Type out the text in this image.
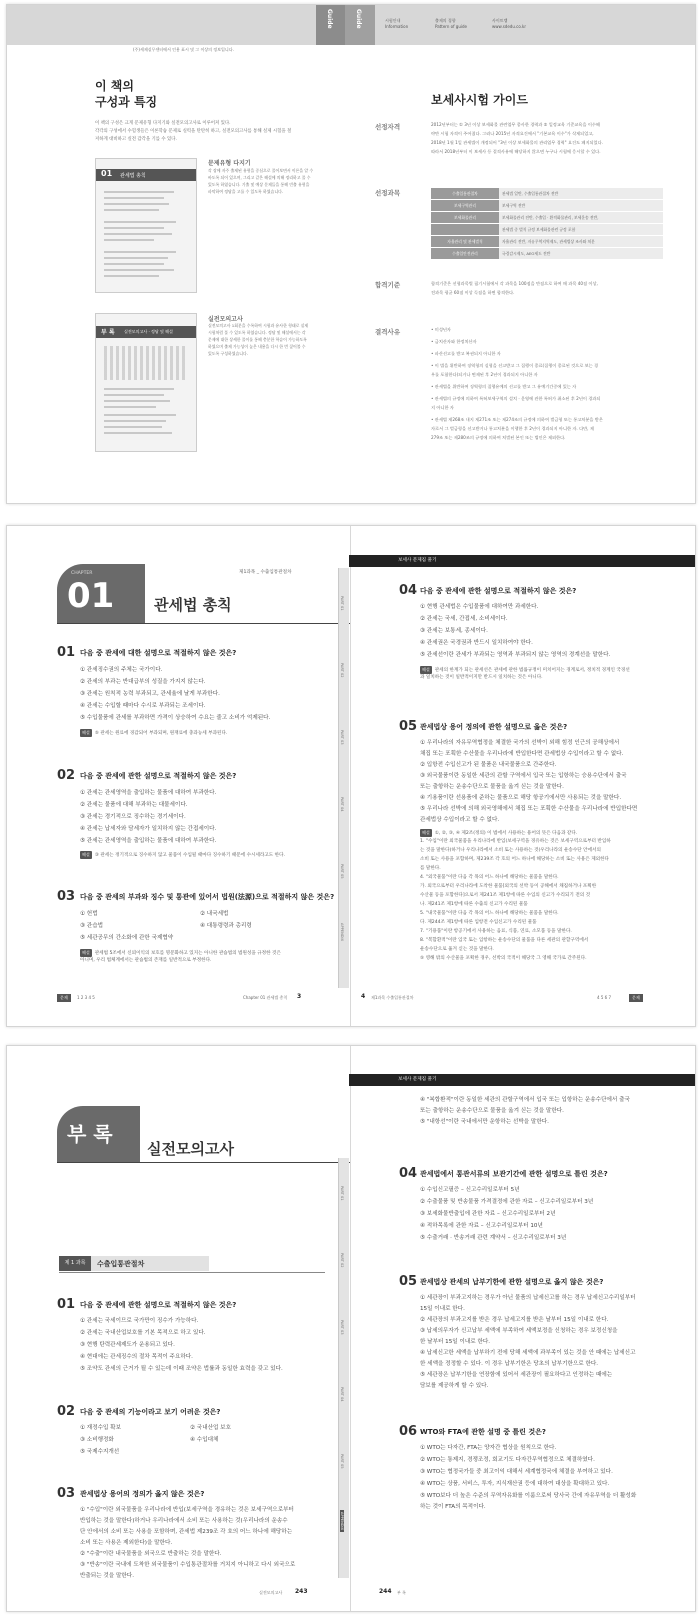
(주)세제실무센터에서 인용 표시 및 그 이상의 정보입니다.
Guide	Guide	시험안내
Information
출제의 경향
Pattern of guide
사이트맵
www.sdedu.co.kr
이 책의
구성과 특징
이 책의 구성은 크게 문제유형 다지기와 실전모의고사로 이루어져 있다.
각각의 구성에서 수험생들은 이론학습 문제로 실력을 탄탄히 하고, 실전모의고사를 통해 실제 시험을 철
저하게 대비하고 실전 감각을 기를 수 있다.
01 관세법 총칙
문제유형 다지기
각 장에 자주 출제된 유형을 중심으로 풀어보면서 이론을 알 수
바도록 되어 있으며, 그리고 같은 해설에 의해 정리하고 풀 수
있도록 하였습니다. 기출 및 예상 문제들을 통해 빈출 유형을
파악하여 정답을 고를 수 있도록 하였습니다.
부 록 실전모의고사 · 정답 및 해설
실전모의고사
실전모의고사 1회분을 수록하여 시험과 유사한 형태로 실제
시험처럼 풀 수 있도록 하였습니다. 정답 및 해설에서는 각
문제에 대한 상세한 풀이를 통해 충분한 학습이 가능하도록
하였으며 출제 가능성이 높은 내용을 다시 한 번 짚어볼 수
있도록 구성하였습니다.
보세사시험 가이드
선정자격	2012년부터는 ① 3년 이상 보세화물 관련업무 종사한 경력과 ② 일정교육 기준교육을 이수해
야만 시험 자격이 주어졌다. 그러나 2015년 자격요건에서 "기본교육 이수"가 삭제되었고,
2018년 1월 1일 관세법이 개정되어 "3년 이상 보세화물의 관리업무 경력" 요건도 폐지되었다.
따라서 2018년부터 이 보세사 등 결격사유에 해당하지 않으면 누구나 시험에 응시할 수 있다.
선정과목	수출입통관절차	관세법 일반, 수출입통관절차 전반
보세구역관리	보세구역 전반
보세화물관리	보세화물관리 전반, 수출입 · 환적화물관리, 보세운송 전반,
	관세법 중 벌칙 규정 보세화물관련 규정 포함
자율관리 및 관세벌칙	자율관리 전반, 자유무역지역제도, 관세법상 조사와 처분
수출입안전관리	국경감시제도, AEO제도 전반
합격기준	합격기준은 선형과목별 필기시험에서 각 과목을 100점을 만점으로 하여 매 과목 40점 이상,
전과목 평균 60점 이상 득점을 하면 합격한다.
결격사유	• 미성년자
• 금치산자와 한정치산자
• 파산선고를 받고 복권되지 아니한 자
• 이 법을 위반하여 징역형의 실형을 선고받고 그 집행이 종료(집행이 종료된 것으로 보는 경
우를 포함한다)되거나 면제된 후 2년이 경과되지 아니한 자
• 관세법을 위반하여 징역형의 집행유예의 선고를 받고 그 유예기간중에 있는 자
• 관세법의 규정에 의하여 특허보세구역의 설치 · 운영에 관한 특허가 취소된 후 2년이 경과되
지 아니한 자
• 관세법 제268조 내지 제271조 또는 제274조의 규정에 의하여 벌금형 또는 통고처분을 받은
자로서 그 벌금형을 선고받거나 통고처분을 이행한 후 2년이 경과되지 아니한 자. 다만, 제
279조 또는 제280조의 규정에 의하여 처벌된 본인 또는 법인은 제외한다.
보세사 문제집 풀기
CHAPTER
01	관세법 총칙
제1과목 _ 수출입통관절차
01 다음 중 관세에 대한 설명으로 적절하지 않은 것은?
① 관세징수권의 주체는 국가이다.
② 관세의 부과는 반대급부의 성질을 가지지 않는다.
③ 관세는 원칙적 농력 부과되고, 관세율에 날게 부과한다.
④ 관세는 수입할 때마다 수시로 부과되는 조세이다.
⑤ 수입물품에 관세를 부과하면 가격이 상승하여 수요는 줄고 소비가 억제된다.
해설 ⑤ 관세는 원료에 경감되어 부과되며, 원재료에 충과능세 부과된다.
02 다음 중 관세에 관한 설명으로 적절하지 않은 것은?
① 관세는 관세영역을 출입하는 물품에 대하여 부과한다.
② 관세는 물품에 대해 부과하는 대물세이다.
③ 관세는 경기적으로 징수하는 경기세이다.
④ 관세는 납세자와 담세자가 일치하지 않는 간접세이다.
⑤ 관세는 관세영역을 출입하는 물품에 대하여 부과한다.
해설 ③ 관세는 정기적으로 징수하지 않고 물품이 수입될 때마다 징수하기 때문에 수시세라고도 한다.
03 다음 중 관세의 부과와 징수 및 통관에 있어서 법원(法源)으로 적절하지 않은 것은?
① 헌법	② 내국세법
③ 관습법	④ 대통령령과 총리령
⑤ 세관공무의 간소화에 관한 국제협약
해설 관세법 5조에서 신뢰이익의 보호를 명문화하고 있지는 아니한 관습법의 법원성을 규정한 것은
아니며, 우리 법체계에서는 관습법의 존재를 일반적으로 부정한다.
04 다음 중 관세에 관한 설명으로 적절하지 않은 것은?
① 현행 관세법은 수입물품에 대하여만 과세한다.
② 관세는 국세, 간접세, 소비세이다.
③ 관세는 보통세, 종세이다.
④ 관세권은 국경권과 반드시 일치하여야 한다.
⑤ 관세선이란 관세가 부과되는 영역과 부과되지 않는 영역의 경계선을 말한다.
해설 관세의 한계가 되는 관세선은 관세에 관한 법률규정이 미치어지는 경계로서, 정치적 경계인 국경선
과 일치하는 것이 일반적이지만 반드시 일치하는 것은 아니다.
05 관세법상 용어 정의에 관한 설명으로 옳은 것은?
① 우리나라의 자유무역협정을 체결한 국가의 선박이 외해 힘정 인근의 공해상에서
채집 또는 포획한 수산물을 우리나라에 반입한다면 관세법상 수입이라고 할 수 없다.
② 입항전 수입신고가 된 물품은 내국물품으로 간주한다.
③ 외국물품이란 동일한 세관의 관할 구역에서 입국 또는 입항하는 승용수단에서 출국
또는 출항하는 운송수단으로 물품을 옮겨 싣는 것을 말한다.
④ 기용품이란 선용품에 준하는 물품으로 해당 항공기에서만 사용되는 것을 말한다.
⑤ 우리나라 선박에 의해 외국영해에서 채집 또는 포획한 수산물을 우리나라에 반입한다면
관세법상 수입이라고 할 수 없다.
해설 ①, ②, ③, ④ 제2조(정의) 이 법에서 사용하는 용어의 뜻은 다음과 같다.
1. "수입"이란 외국물품을 우리나라에 반입(보세구역을 경유하는 것은 보세구역으로부터 반입하
는 것을 말한다)하거나 우리나라에서 소비 또는 사용하는 것(우리나라의 운송수단 안에서의
소비 또는 사용을 포함하며, 제239조 각 호의 어느 하나에 해당하는 소비 또는 사용은 제외한다
를 말한다.
4. "외국물품"이란 다음 각 목의 어느 하나에 해당하는 물품을 말한다.
가. 외국으로부터 우리나라에 도착한 물품[외국의 선박 등이 공해에서 채집하거나 포획한
수산물 등을 포함한다]으로서 제241조 제1항에 따른 수입의 신고가 수리되기 전의 것
나. 제241조 제1항에 따른 수출의 신고가 수리된 물품
5. "내국물품"이란 다음 각 목의 어느 하나에 해당하는 물품을 말한다.
다. 제244조 제1항에 따른 입항전 수입신고가 수리된 물품
7. "기용품"이란 항공기에서 사용하는 음료, 식품, 연료, 소모품 등을 말한다.
8. "복합환적"이란 입국 또는 입항하는 운송수단의 물품을 다른 세관의 관할구역에서
운송수단으로 옮겨 싣는 것을 말한다.
⑤ 영해 밖의 수산물을 포획한 경우, 선박의 국적이 해당국 그 영해 국가로 간주된다.
PART 01
PART 02
PART 03
PART 04
PART 05
APPENDIX
문제	1 2 3 4 5	Chapter 01 관세법 총칙 3	4 제1과목 수출입통관절차	4 5 6 7	문제
보세사 문제집 풀기
부 록
실전모의고사
제 1 과목	수출입통관절차
01 다음 중 관세에 관한 설명으로 적절하지 않은 것은?
① 관세는 국세이므로 국가만이 징수가 가능하다.
② 관세는 국내산업보호를 기본 목적으로 하고 있다.
③ 현행 탄력관세제도가 운용되고 있다.
④ 현대에는 관세징수의 절차 목적이 주요하다.
⑤ 조약도 관세의 근거가 될 수 있는데 이때 조약은 법률과 동일한 효력을 갖고 있다.
02 다음 중 관세의 기능이라고 보기 어려운 것은?
① 재정수입 확보	② 국내산업 보호
③ 소비행정화	④ 수입대체
⑤ 국제수지개선
03 관세법상 용어의 정의가 옳지 않은 것은?
① "수입"이란 외국물품을 우리나라에 반입(보세구역을 경유하는 것은 보세구역으로부터
반입하는 것을 말한다)하거나 우리나라에서 소비 또는 사용하는 것(우리나라의 운송수
단 안에서의 소비 또는 사용을 포함하며, 관세법 제239조 각 호의 어느 하나에 해당하는
소비 또는 사용은 제외한다)을 말한다.
② "수출"이란 내국물품을 외국으로 반출하는 것을 말한다.
③ "반송"이란 국내에 도착한 외국물품이 수입통관절차를 거치지 아니하고 다시 외국으로
반출되는 것을 말한다.
④ "복합환적"이란 동일한 세관의 관할구역에서 입국 또는 입항하는 운송수단에서 출국
또는 출항하는 운송수단으로 물품을 옮겨 싣는 것을 말한다.
⑤ "내항선"이란 국내에서만 운항하는 선박을 말한다.
04 관세법에서 통관서류의 보관기간에 관한 설명으로 틀린 것은?
① 수입신고필증 – 신고수리일로부터 5년
② 수출물품 및 반송물품 가격결정에 관한 자료 – 신고수리일로부터 3년
③ 보세화물반출입에 관한 자료 – 신고수리일로부터 2년
④ 적하목록에 관한 자료 – 신고수리일로부터 10년
⑤ 수출거래 · 반송거래 관련 계약서 – 신고수리일로부터 3년
05 관세법상 관세의 납부기한에 관한 설명으로 옳지 않은 것은?
① 세관장이 부과고지하는 경우가 아닌 물품의 납세신고를 하는 경우 납세신고수리일부터
15일 이내로 한다.
② 세관장의 부과고지를 받은 경우 납세고지를 받은 날부터 15일 이내로 한다.
③ 납세의무자가 신고납부 세액에 부족하여 세액보정을 신청하는 경우 보정신청을
한 날부터 15일 이내로 한다.
④ 납세신고한 세액을 납부하기 전에 당해 세액에 과부족이 있는 것을 안 때에는 납세신고
한 세액을 정정할 수 있다. 이 경우 납부기한은 당초의 납부기한으로 한다.
⑤ 세관장은 납부기한을 연장함에 있어서 세관장이 필요하다고 인정하는 때에는
담보를 제공하게 할 수 있다.
06 WTO와 FTA에 관한 설명 중 틀린 것은?
① WTO는 다자간, FTA는 양자간 협상을 원칙으로 한다.
② WTO는 통제지, 경쟁조정, 회교기도 다자간무역협정으로 체결하였다.
③ WTO는 협정국가들 중 최고이익 대해서 세계협정국에 체결을 부여하고 있다.
④ WTO는 상품, 서비스, 투자, 지식재산권 등에 대하여 대상을 확대하고 있다.
⑤ WTO보다 더 높은 수준의 무역자유화를 이룸으로써 당사국 간에 자유무역을 더 활성화
하는 것이 FTA의 목적이다.
PART 01
PART 02
PART 03
PART 04
PART 05
APPENDIX
실전모의고사 243	244 부 록
